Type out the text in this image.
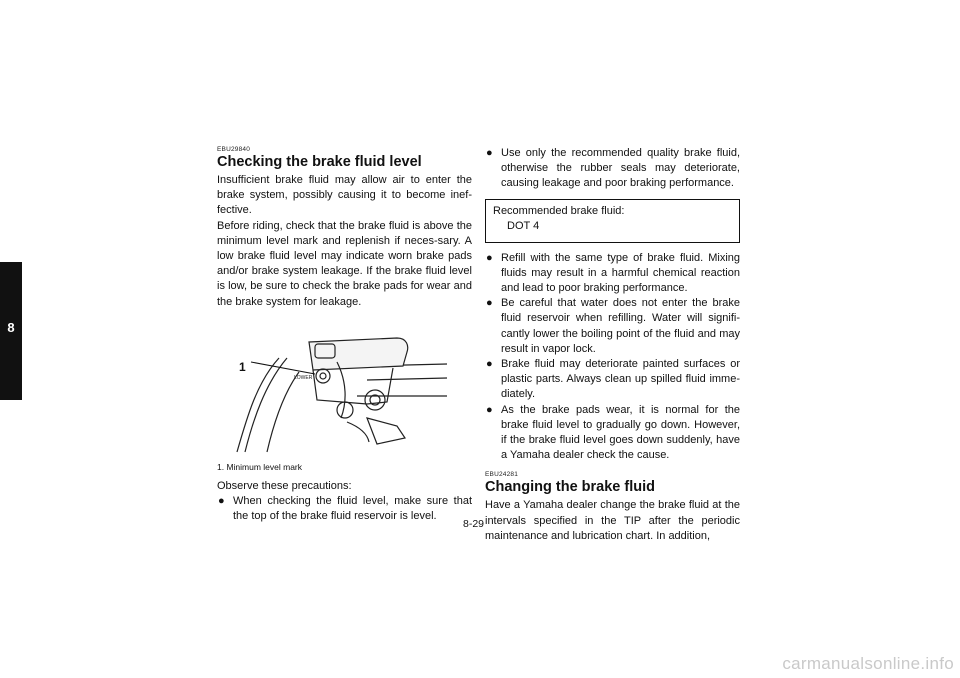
8
EBU29840
Checking the brake fluid level

Insufficient brake fluid may allow air to enter the brake system, possibly causing it to become inef-fective.

Before riding, check that the brake fluid is above the minimum level mark and replenish if neces-sary. A low brake fluid level may indicate worn brake pads and/or brake system leakage. If the brake fluid level is low, be sure to check the brake pads for wear and the brake system for leakage.

LOWER
1
1. Minimum level mark

Observe these precautions:

● When checking the fluid level, make sure that the top of the brake fluid reservoir is level.
● Use only the recommended quality brake fluid, otherwise the rubber seals may deteriorate, causing leakage and poor braking performance.
Recommended brake fluid:
DOT 4
● Refill with the same type of brake fluid. Mixing fluids may result in a harmful chemical reaction and lead to poor braking performance.
● Be careful that water does not enter the brake fluid reservoir when refilling. Water will signifi-cantly lower the boiling point of the fluid and may result in vapor lock.
● Brake fluid may deteriorate painted surfaces or plastic parts. Always clean up spilled fluid imme-diately.
● As the brake pads wear, it is normal for the brake fluid level to gradually go down. However, if the brake fluid level goes down suddenly, have a Yamaha dealer check the cause.
EBU24281
Changing the brake fluid

Have a Yamaha dealer change the brake fluid at the intervals specified in the TIP after the periodic maintenance and lubrication chart. In addition,

8-29
carmanualsonline.info
